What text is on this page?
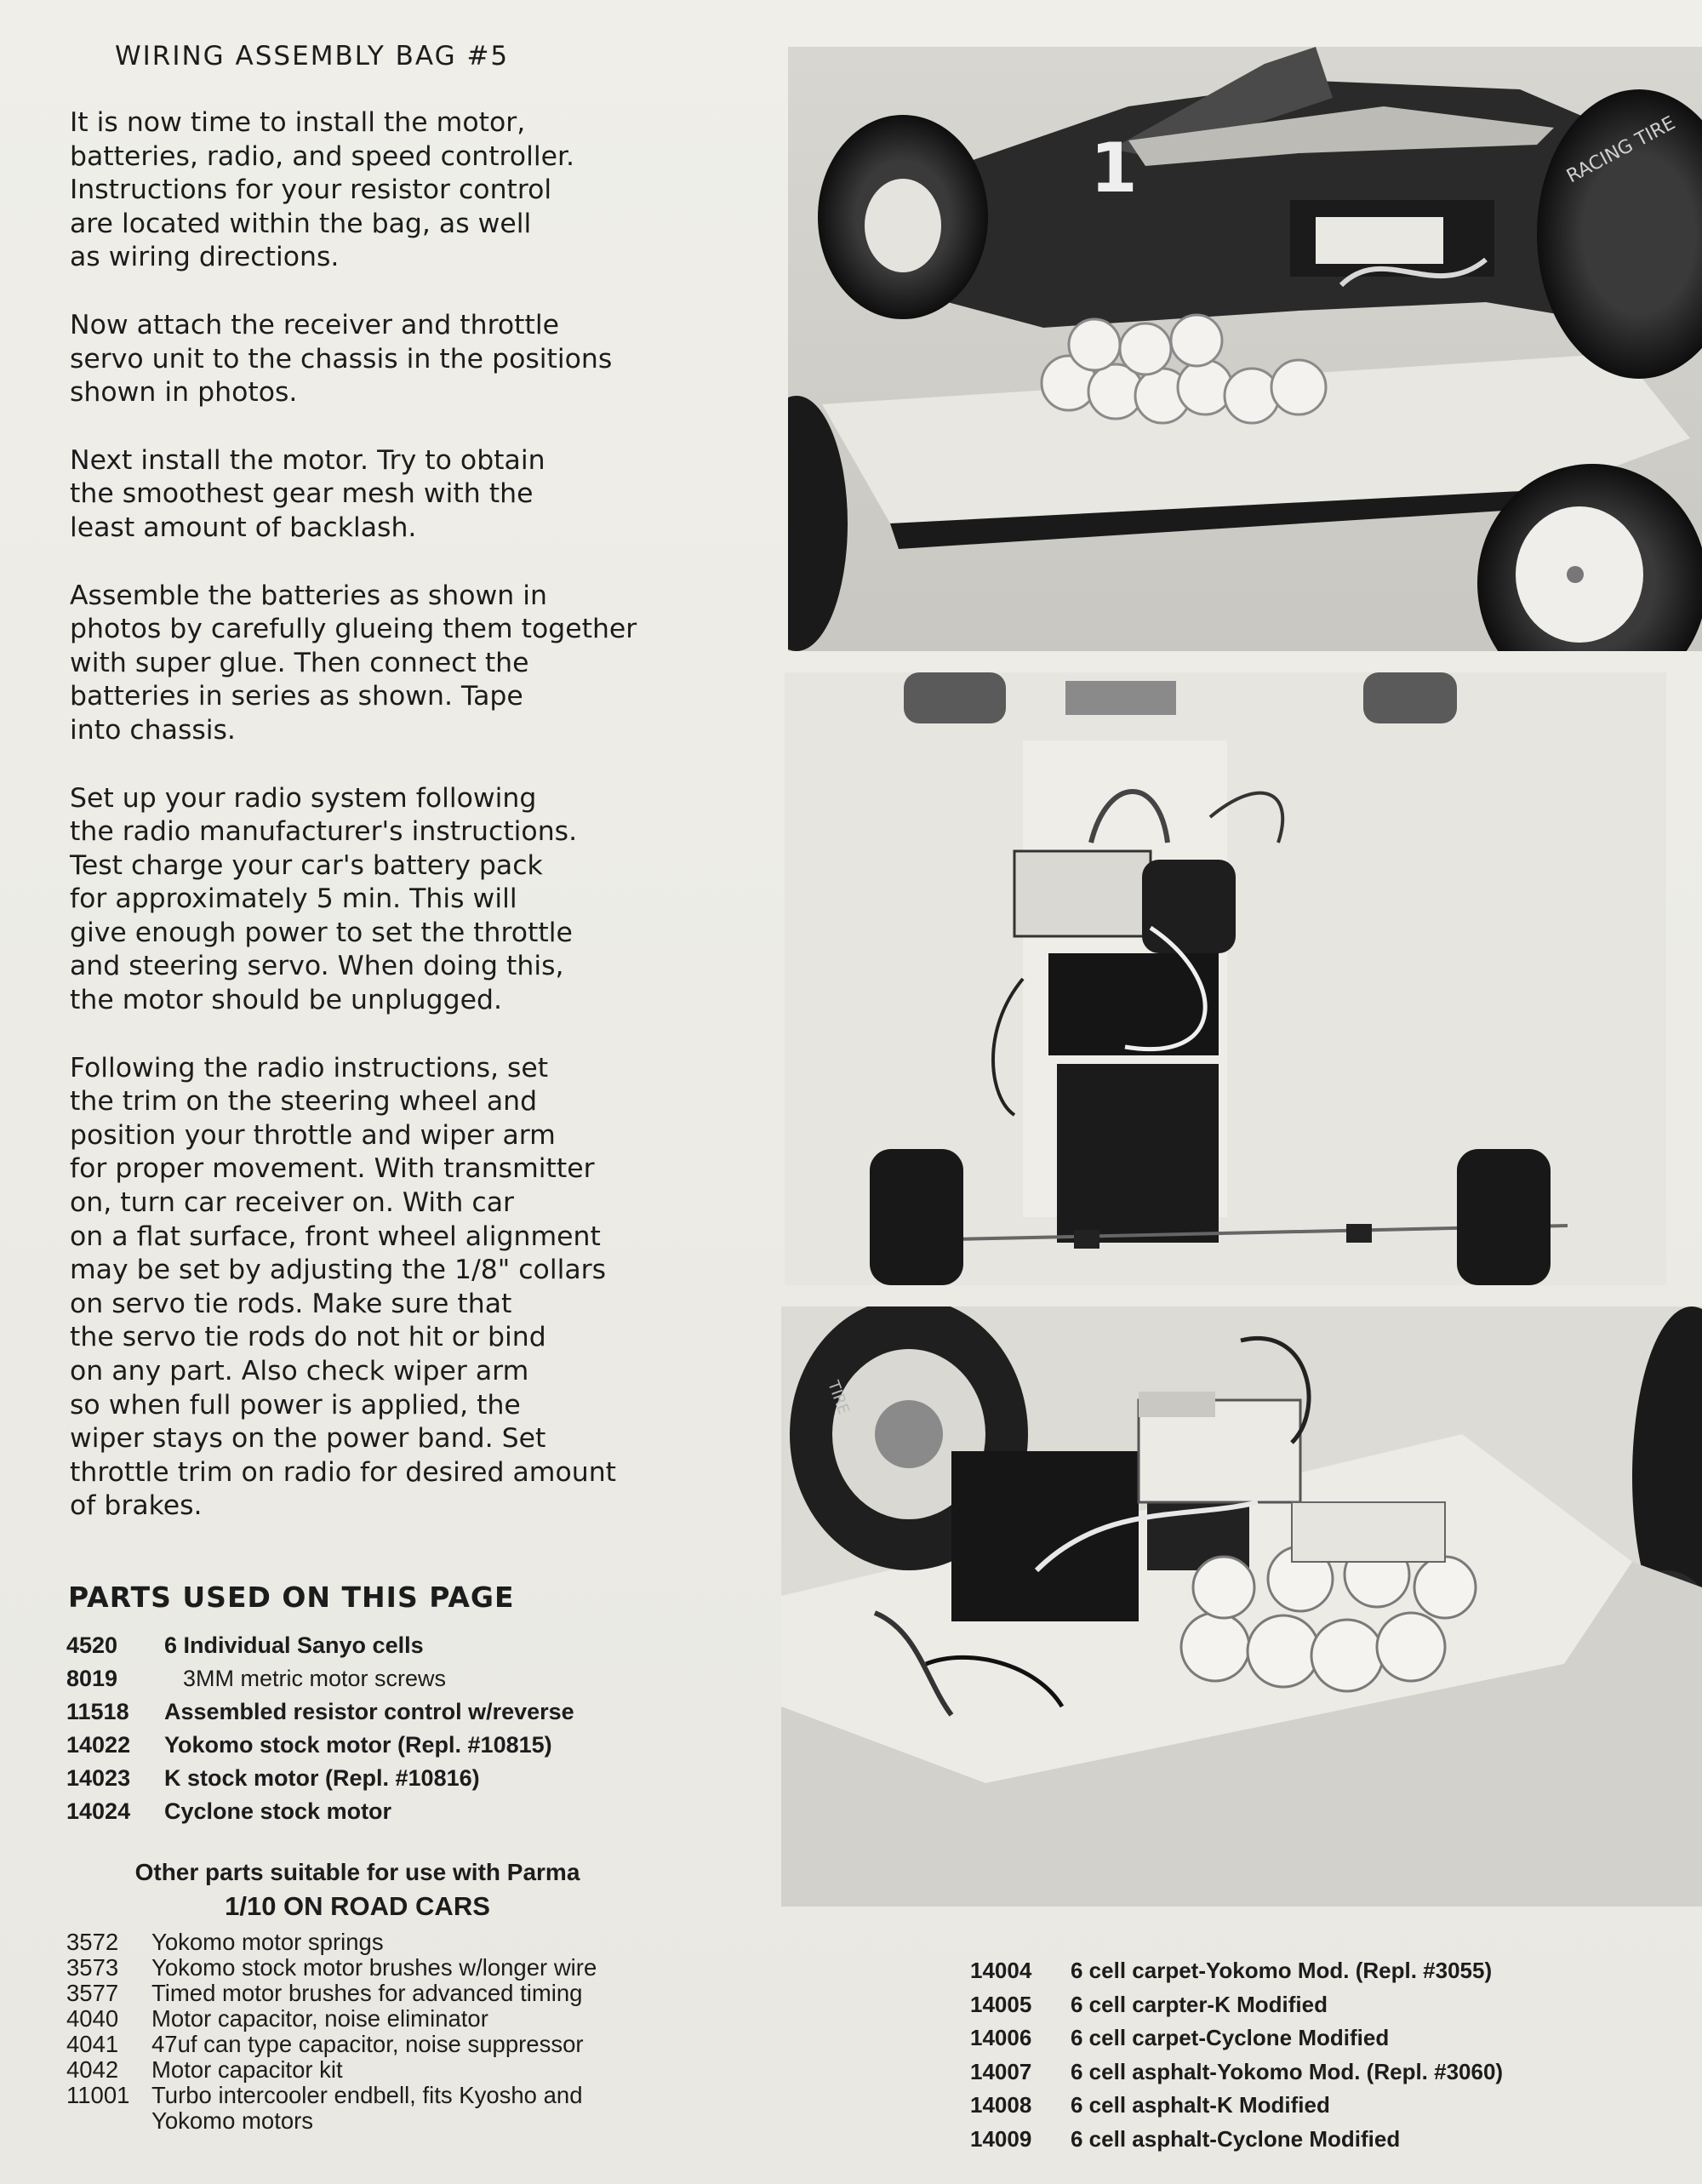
WIRING ASSEMBLY BAG #5

It is now time to install the motor,
batteries, radio, and speed controller.
Instructions for your resistor control
are located within the bag, as well
as wiring directions.

Now attach the receiver and throttle
servo unit to the chassis in the positions
shown in photos.

Next install the motor. Try to obtain
the smoothest gear mesh with the
least amount of backlash.

Assemble the batteries as shown in
photos by carefully glueing them together
with super glue. Then connect the
batteries in series as shown. Tape
into chassis.

Set up your radio system following
the radio manufacturer's instructions.
Test charge your car's battery pack
for approximately 5 min. This will
give enough power to set the throttle
and steering servo. When doing this,
the motor should be unplugged.

Following the radio instructions, set
the trim on the steering wheel and
position your throttle and wiper arm
for proper movement. With transmitter
on, turn car receiver on. With car
on a flat surface, front wheel alignment
may be set by adjusting the 1/8" collars
on servo tie rods. Make sure that
the servo tie rods do not hit or bind
on any part. Also check wiper arm
so when full power is applied, the
wiper stays on the power band. Set
throttle trim on radio for desired amount
of brakes.

PARTS USED ON THIS PAGE
4520	6 Individual Sanyo cells
8019	3MM metric motor screws
11518	Assembled resistor control w/reverse
14022	Yokomo stock motor (Repl. #10815)
14023	K stock motor (Repl. #10816)
14024	Cyclone stock motor
Other parts suitable for use with Parma
1/10 ON ROAD CARS
3572	Yokomo motor springs
3573	Yokomo stock motor brushes w/longer wire
3577	Timed motor brushes for advanced timing
4040	Motor capacitor, noise eliminator
4041	47uf can type capacitor, noise suppressor
4042	Motor capacitor kit
11001 Turbo intercooler endbell, fits Kyosho and
Yokomo motors
14004	6 cell carpet-Yokomo Mod. (Repl. #3055)
14005	6 cell carpter-K Modified
14006	6 cell carpet-Cyclone Modified
14007	6 cell asphalt-Yokomo Mod. (Repl. #3060)
14008	6 cell asphalt-K Modified
14009	6 cell asphalt-Cyclone Modified
1	RACING TIRE
TIRE
